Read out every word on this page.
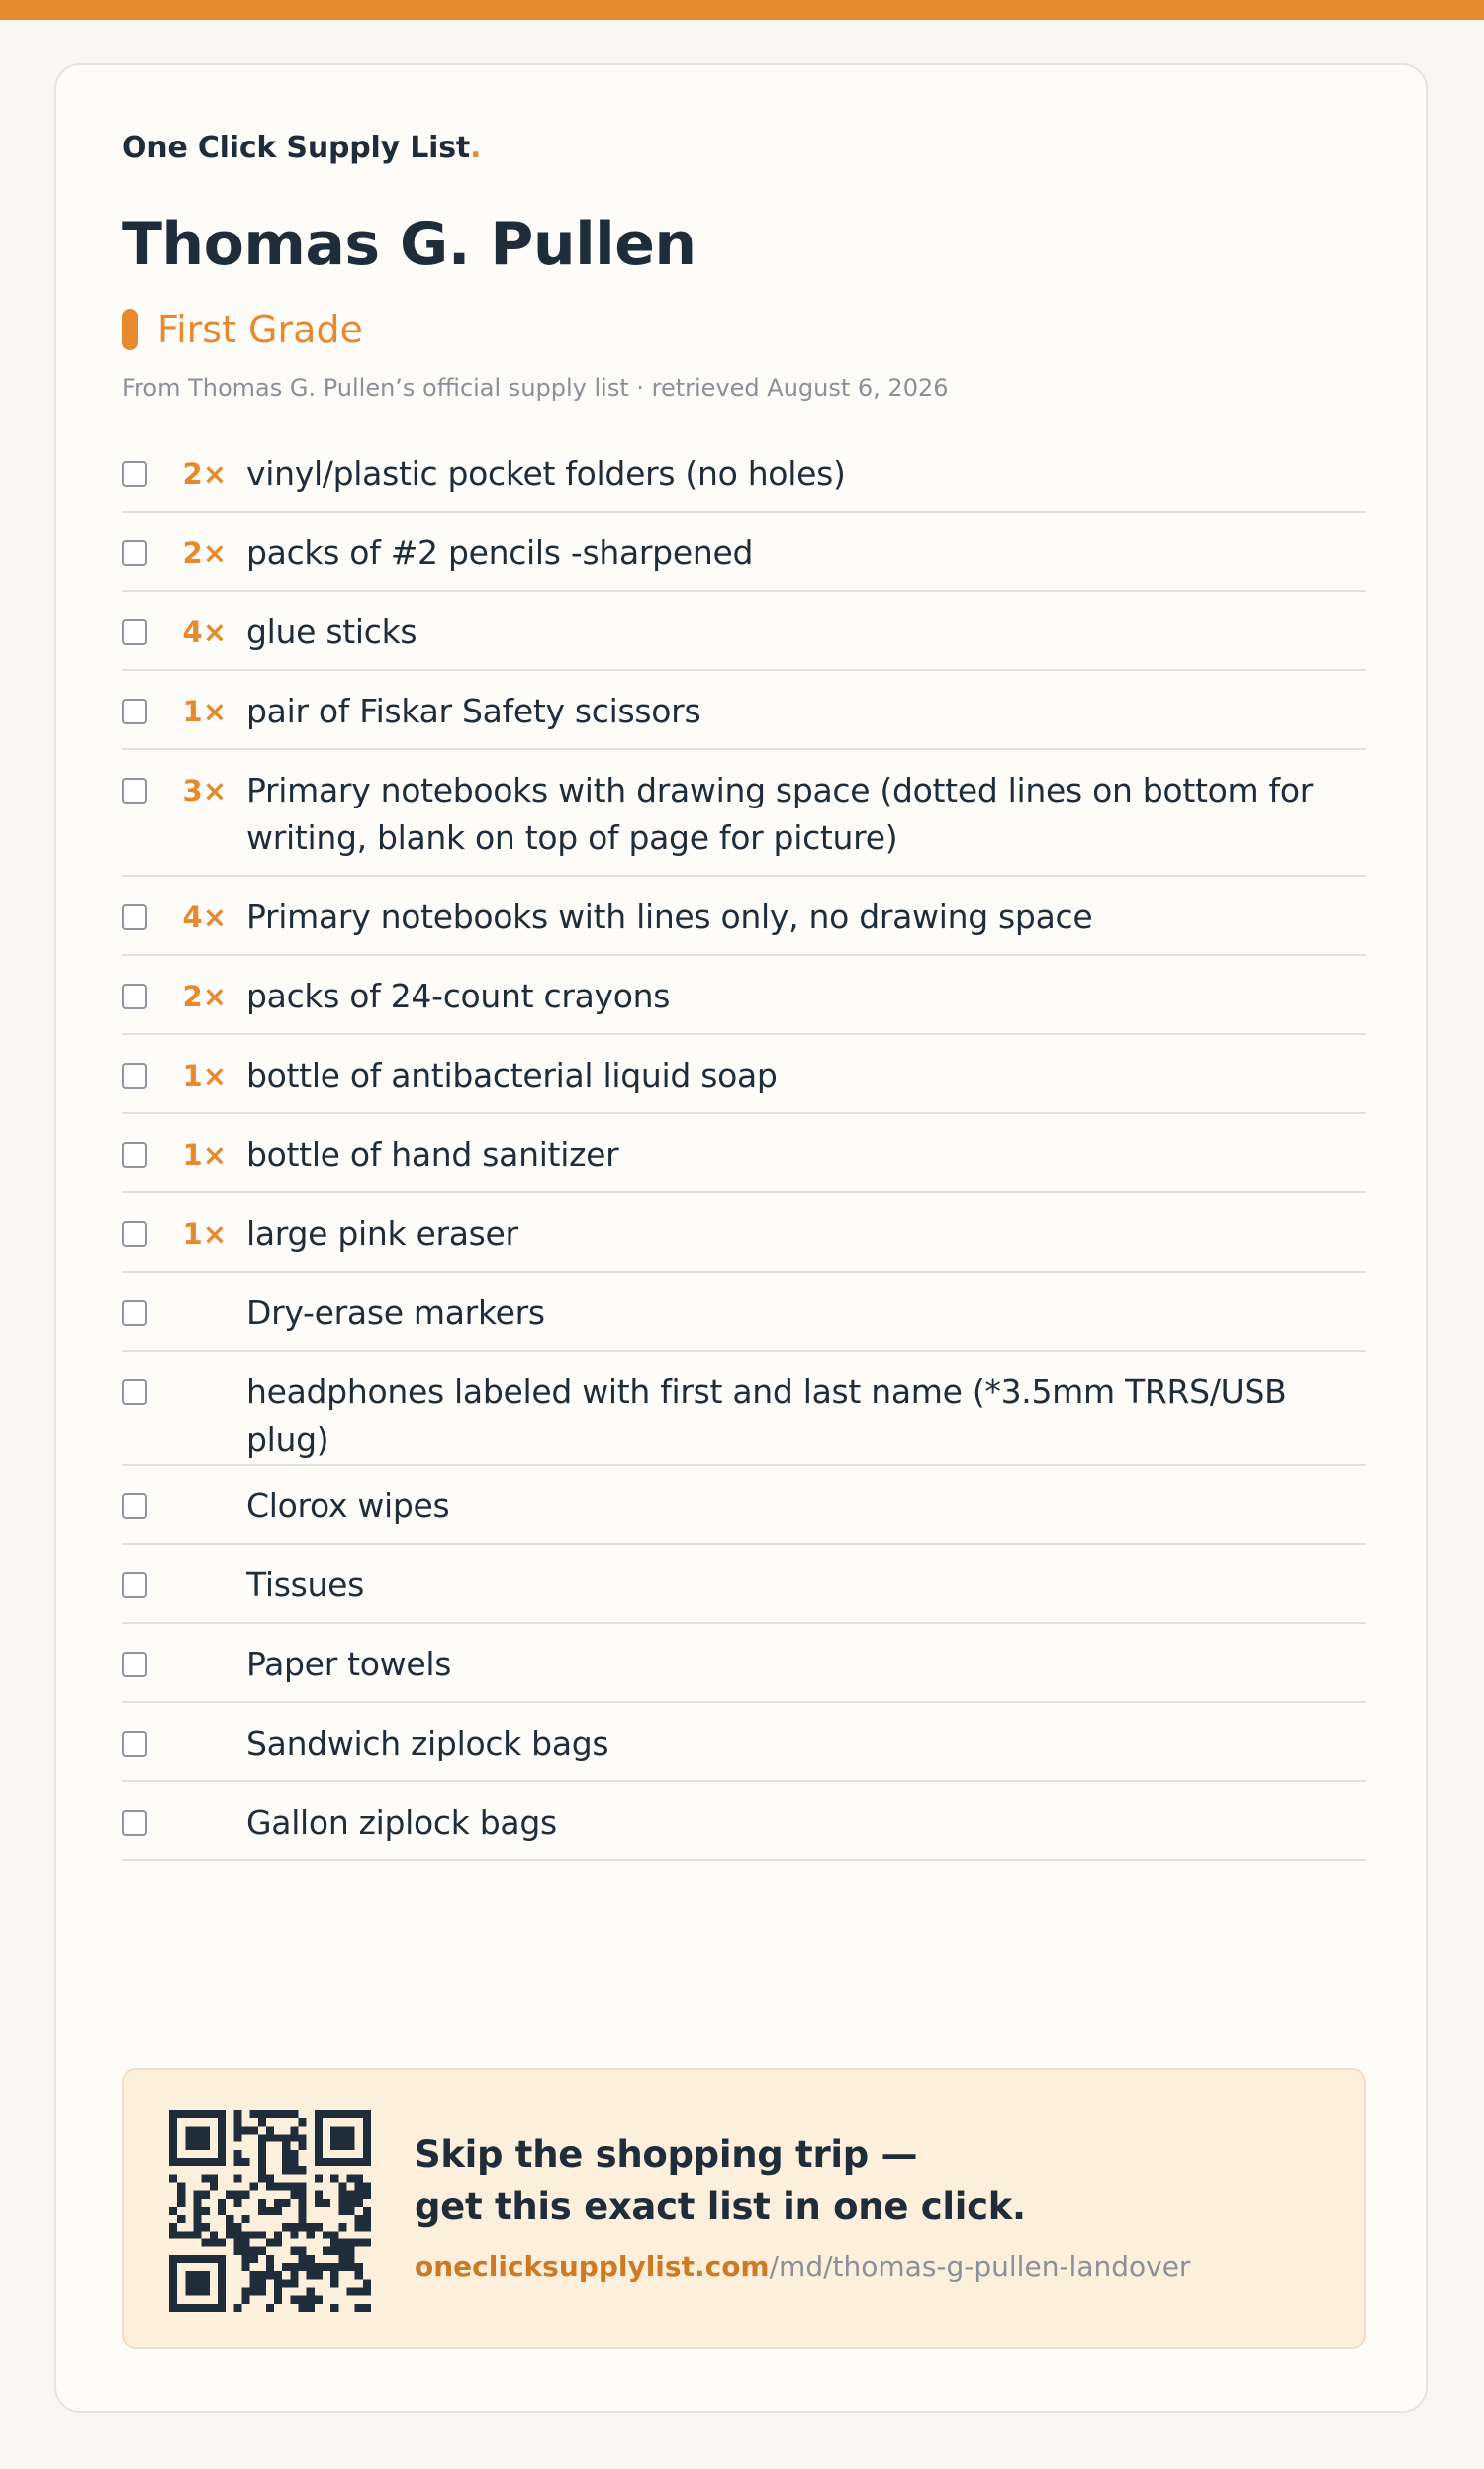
One Click Supply List.
Thomas G. Pullen
First Grade
From Thomas G. Pullen’s official supply list · retrieved August 6, 2026
2× vinyl/plastic pocket folders (no holes)
2× packs of #2 pencils -sharpened
4× glue sticks
1× pair of Fiskar Safety scissors
3× Primary notebooks with drawing space (dotted lines on bottom for writing, blank on top of page for picture)
4× Primary notebooks with lines only, no drawing space
2× packs of 24-count crayons
1× bottle of antibacterial liquid soap
1× bottle of hand sanitizer
1× large pink eraser
Dry-erase markers
headphones labeled with first and last name (*3.5mm TRRS/USB plug)
Clorox wipes
Tissues
Paper towels
Sandwich ziplock bags
Gallon ziplock bags
Skip the shopping trip —
get this exact list in one click.
oneclicksupplylist.com/md/thomas-g-pullen-landover
